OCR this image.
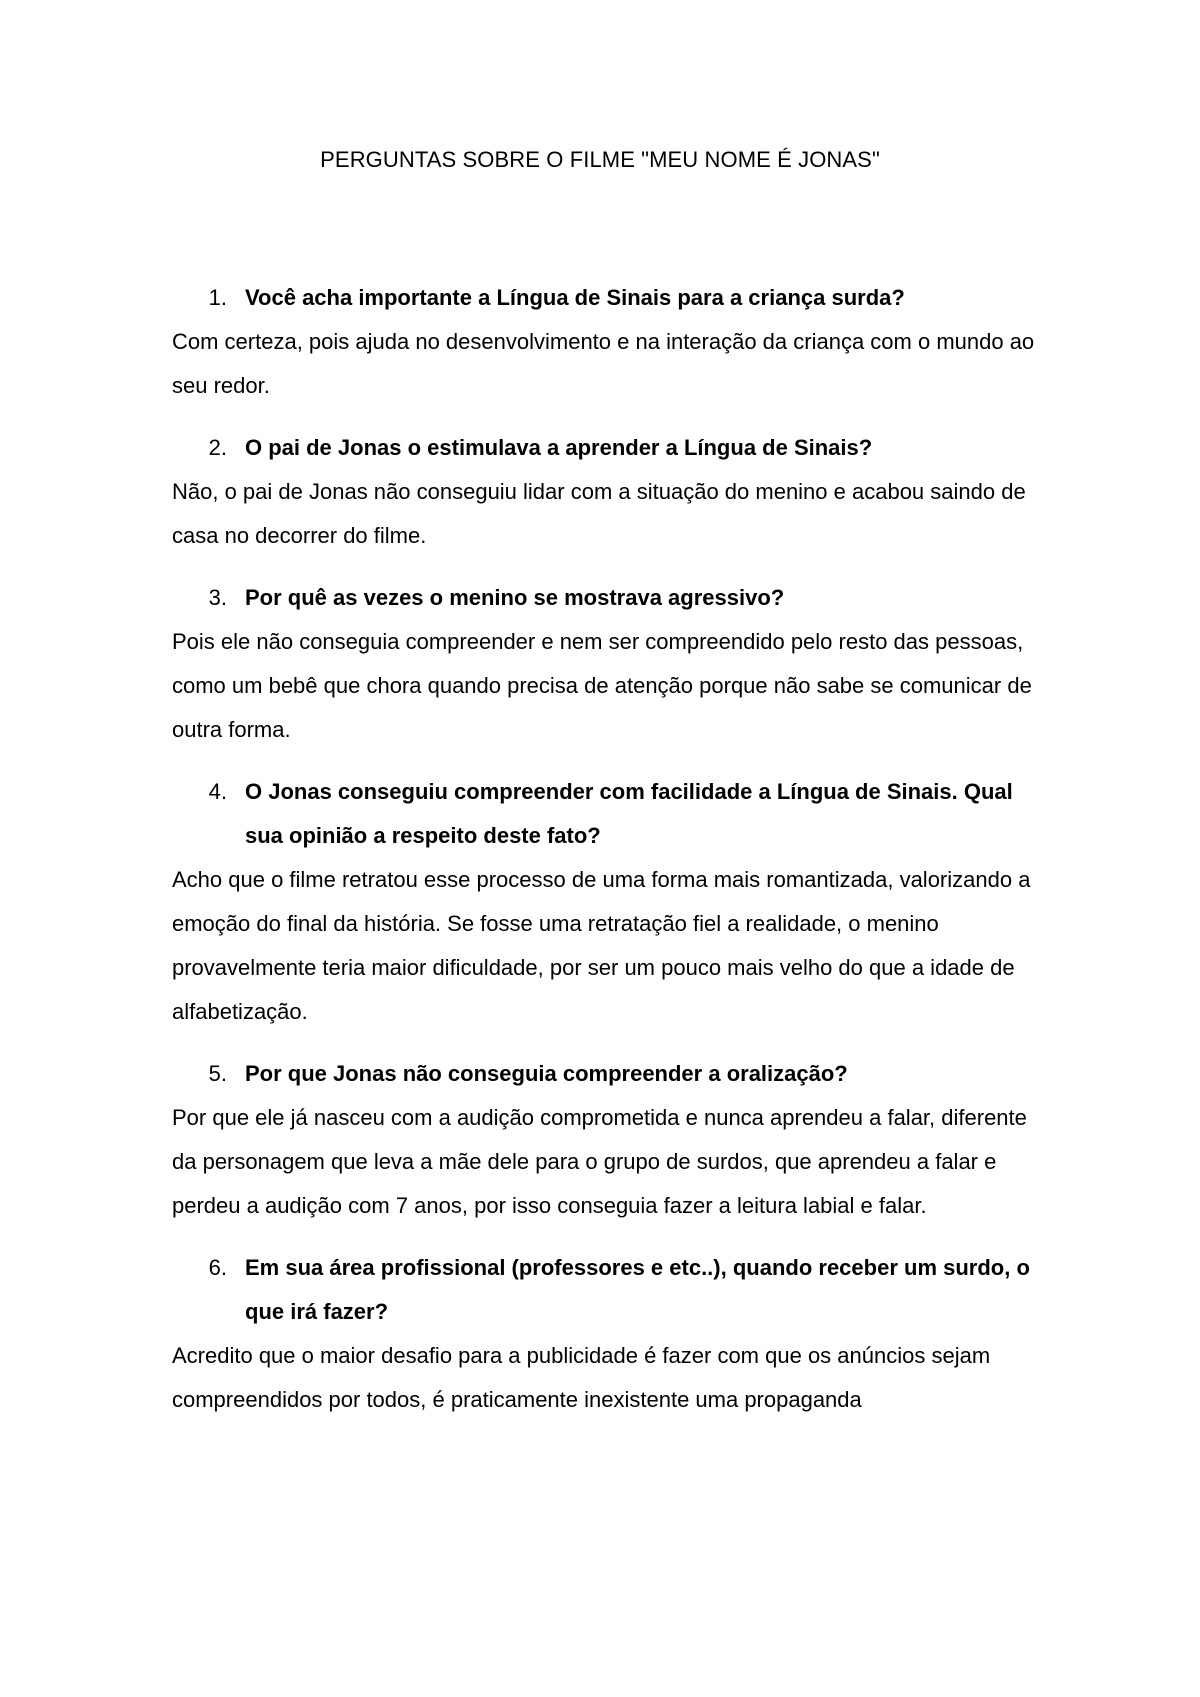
PERGUNTAS SOBRE O FILME "MEU NOME É JONAS"
1. Você acha importante a Língua de Sinais para a criança surda?

Com certeza, pois ajuda no desenvolvimento e na interação da criança com o mundo ao seu redor.

2. O pai de Jonas o estimulava a aprender a Língua de Sinais?

Não, o pai de Jonas não conseguiu lidar com a situação do menino e acabou saindo de casa no decorrer do filme.

3. Por quê as vezes o menino se mostrava agressivo?

Pois ele não conseguia compreender e nem ser compreendido pelo resto das pessoas, como um bebê que chora quando precisa de atenção porque não sabe se comunicar de outra forma.

4. O Jonas conseguiu compreender com facilidade a Língua de Sinais. Qual sua opinião a respeito deste fato?

Acho que o filme retratou esse processo de uma forma mais romantizada, valorizando a emoção do final da história. Se fosse uma retratação fiel a realidade, o menino provavelmente teria maior dificuldade, por ser um pouco mais velho do que a idade de alfabetização.

5. Por que Jonas não conseguia compreender a oralização?

Por que ele já nasceu com a audição comprometida e nunca aprendeu a falar, diferente da personagem que leva a mãe dele para o grupo de surdos, que aprendeu a falar e perdeu a audição com 7 anos, por isso conseguia fazer a leitura labial e falar.

6. Em sua área profissional (professores e etc..), quando receber um surdo, o que irá fazer?

Acredito que o maior desafio para a publicidade é fazer com que os anúncios sejam compreendidos por todos, é praticamente inexistente uma propaganda
